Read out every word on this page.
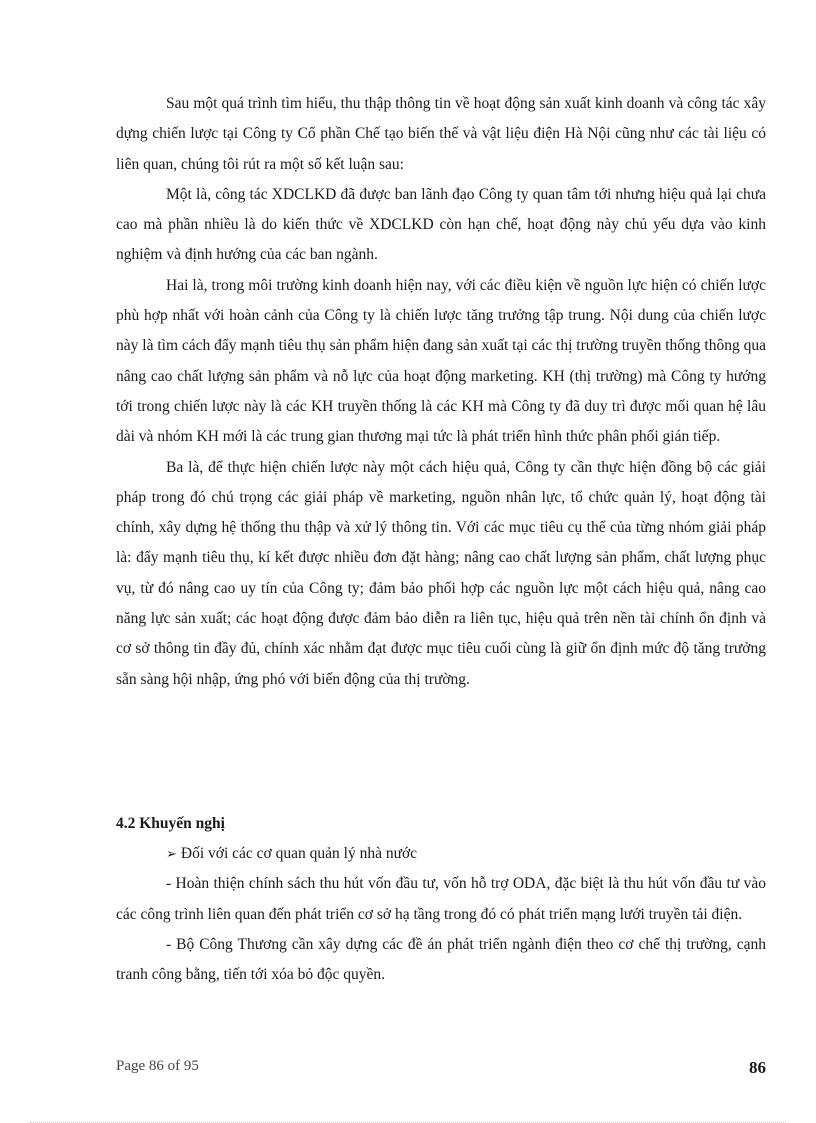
Sau một quá trình tìm hiểu, thu thập thông tin về hoạt động sản xuất kinh doanh và công tác xây dựng chiến lược tại Công ty Cổ phần Chế tạo biến thế và vật liệu điện Hà Nội cũng như các tài liệu có liên quan, chúng tôi rút ra một số kết luận sau:

Một là, công tác XDCLKD đã được ban lãnh đạo Công ty quan tâm tới nhưng hiệu quả lại chưa cao mà phần nhiều là do kiến thức về XDCLKD còn hạn chế, hoạt động này chủ yếu dựa vào kinh nghiệm và định hướng của các ban ngành.

Hai là, trong môi trường kinh doanh hiện nay, với các điều kiện về nguồn lực hiện có chiến lược phù hợp nhất với hoàn cảnh của Công ty là chiến lược tăng trưởng tập trung. Nội dung của chiến lược này là tìm cách đẩy mạnh tiêu thụ sản phẩm hiện đang sản xuất tại các thị trường truyền thống thông qua nâng cao chất lượng sản phẩm và nỗ lực của hoạt động marketing. KH (thị trường) mà Công ty hướng tới trong chiến lược này là các KH truyền thống là các KH mà Công ty đã duy trì được mối quan hệ lâu dài và nhóm KH mới là các trung gian thương mại tức là phát triển hình thức phân phối gián tiếp.

Ba là, để thực hiện chiến lược này một cách hiệu quả, Công ty cần thực hiện đồng bộ các giải pháp trong đó chú trọng các giải pháp về marketing, nguồn nhân lực, tổ chức quản lý, hoạt động tài chính, xây dựng hệ thống thu thập và xử lý thông tin. Với các mục tiêu cụ thể của từng nhóm giải pháp là: đẩy mạnh tiêu thụ, kí kết được nhiều đơn đặt hàng; nâng cao chất lượng sản phẩm, chất lượng phục vụ, từ đó nâng cao uy tín của Công ty; đảm bảo phối hợp các nguồn lực một cách hiệu quả, nâng cao năng lực sản xuất; các hoạt động được đảm bảo diễn ra liên tục, hiệu quả trên nền tài chính ổn định và cơ sở thông tin đầy đủ, chính xác nhằm đạt được mục tiêu cuối cùng là giữ ổn định mức độ tăng trưởng sẵn sàng hội nhập, ứng phó với biến động của thị trường.

4.2 Khuyến nghị

➢ Đối với các cơ quan quản lý nhà nước

- Hoàn thiện chính sách thu hút vốn đầu tư, vốn hỗ trợ ODA, đặc biệt là thu hút vốn đầu tư vào các công trình liên quan đến phát triển cơ sở hạ tầng trong đó có phát triển mạng lưới truyền tải điện.

- Bộ Công Thương cần xây dựng các đề án phát triển ngành điện theo cơ chế thị trường, cạnh tranh công bằng, tiến tới xóa bỏ độc quyền.

Page 86 of 95	86
